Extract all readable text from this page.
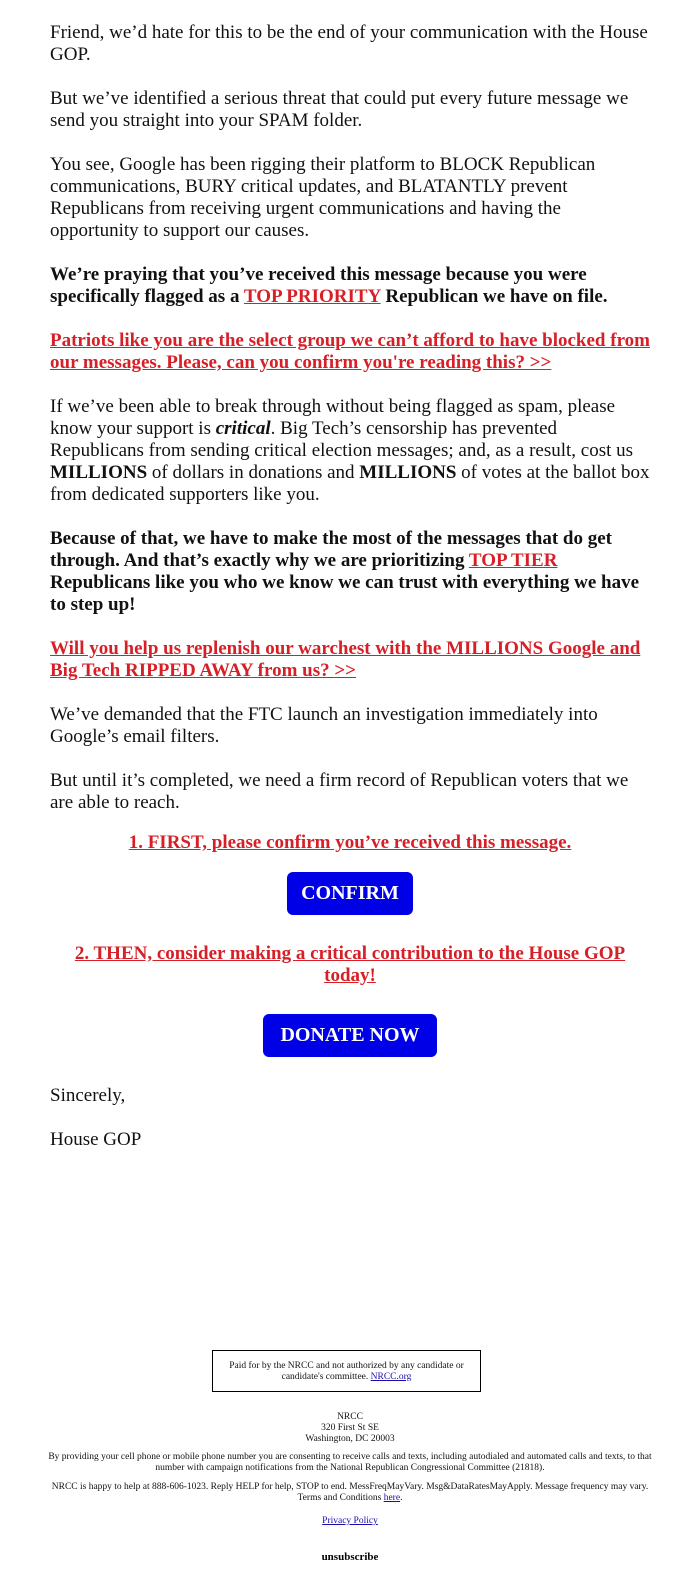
Friend, we’d hate for this to be the end of your communication with the House GOP.

But we’ve identified a serious threat that could put every future message we send you straight into your SPAM folder.

You see, Google has been rigging their platform to BLOCK Republican communications, BURY critical updates, and BLATANTLY prevent Republicans from receiving urgent communications and having the opportunity to support our causes.

We’re praying that you’ve received this message because you were specifically flagged as a TOP PRIORITY Republican we have on file.

Patriots like you are the select group we can’t afford to have blocked from our messages. Please, can you confirm you're reading this? >>

If we’ve been able to break through without being flagged as spam, please know your support is critical. Big Tech’s censorship has prevented Republicans from sending critical election messages; and, as a result, cost us MILLIONS of dollars in donations and MILLIONS of votes at the ballot box from dedicated supporters like you.

Because of that, we have to make the most of the messages that do get through. And that’s exactly why we are prioritizing TOP TIER Republicans like you who we know we can trust with everything we have to step up!

Will you help us replenish our warchest with the MILLIONS Google and Big Tech RIPPED AWAY from us? >>

We’ve demanded that the FTC launch an investigation immediately into Google’s email filters.

But until it’s completed, we need a firm record of Republican voters that we are able to reach.

1. FIRST, please confirm you’ve received this message.

CONFIRM

2. THEN, consider making a critical contribution to the House GOP today!

DONATE NOW

Sincerely,

House GOP

Paid for by the NRCC and not authorized by any candidate or candidate's committee. NRCC.org
NRCC
320 First St SE
Washington, DC 20003
By providing your cell phone or mobile phone number you are consenting to receive calls and texts, including autodialed and automated calls and texts, to that number with campaign notifications from the National Republican Congressional Committee (21818).
NRCC is happy to help at 888-606-1023. Reply HELP for help, STOP to end. MessFreqMayVary. Msg&DataRatesMayApply. Message frequency may vary. Terms and Conditions here.
Privacy Policy
unsubscribe
